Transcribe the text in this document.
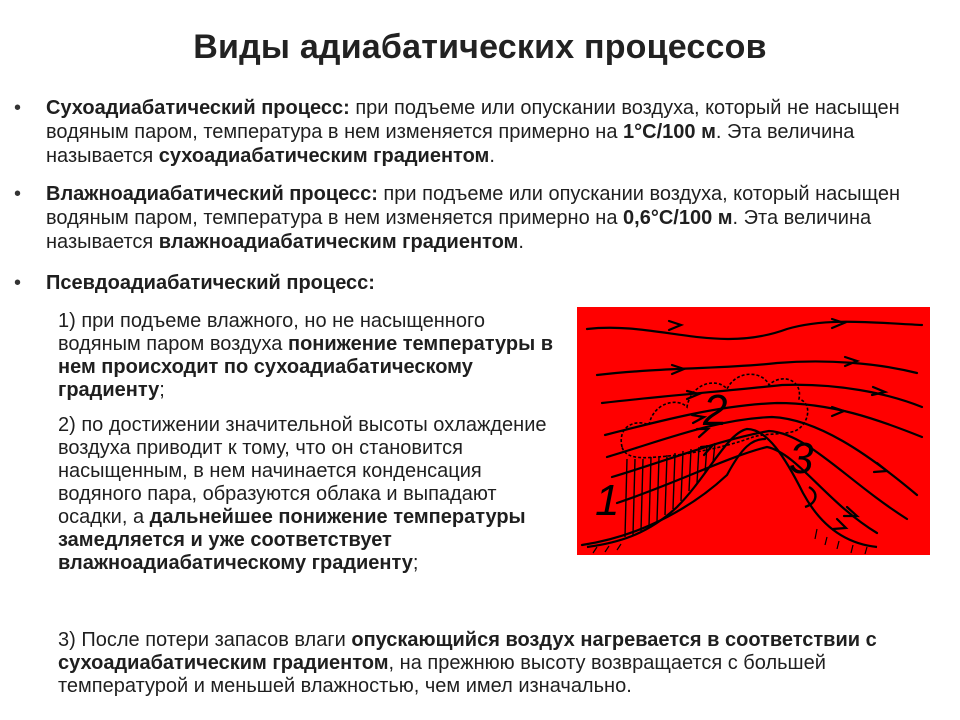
Виды адиабатических процессов
• Сухоадиабатический процесс: при подъеме или опускании воздуха, который не насыщен водяным паром, температура в нем изменяется примерно на 1°С/100 м. Эта величина называется сухоадиабатическим градиентом.
• Влажноадиабатический процесс: при подъеме или опускании воздуха, который насыщен водяным паром, температура в нем изменяется примерно на 0,6°С/100 м. Эта величина называется влажноадиабатическим градиентом.
• Псевдоадиабатический процесс:
1) при подъеме влажного, но не насыщенного водяным паром воздуха понижение температуры в нем происходит по сухоадиабатическому градиенту;
2) по достижении значительной высоты охлаждение воздуха приводит к тому, что он становится насыщенным, в нем начинается конденсация водяного пара, образуются облака и выпадают осадки, а дальнейшее понижение температуры замедляется и уже соответствует влажноадиабатическому градиенту;
3) После потери запасов влаги опускающийся воздух нагревается в соответствии с сухоадиабатическим градиентом, на прежнюю высоту возвращается с большей температурой и меньшей влажностью, чем имел изначально.
1
2
3
